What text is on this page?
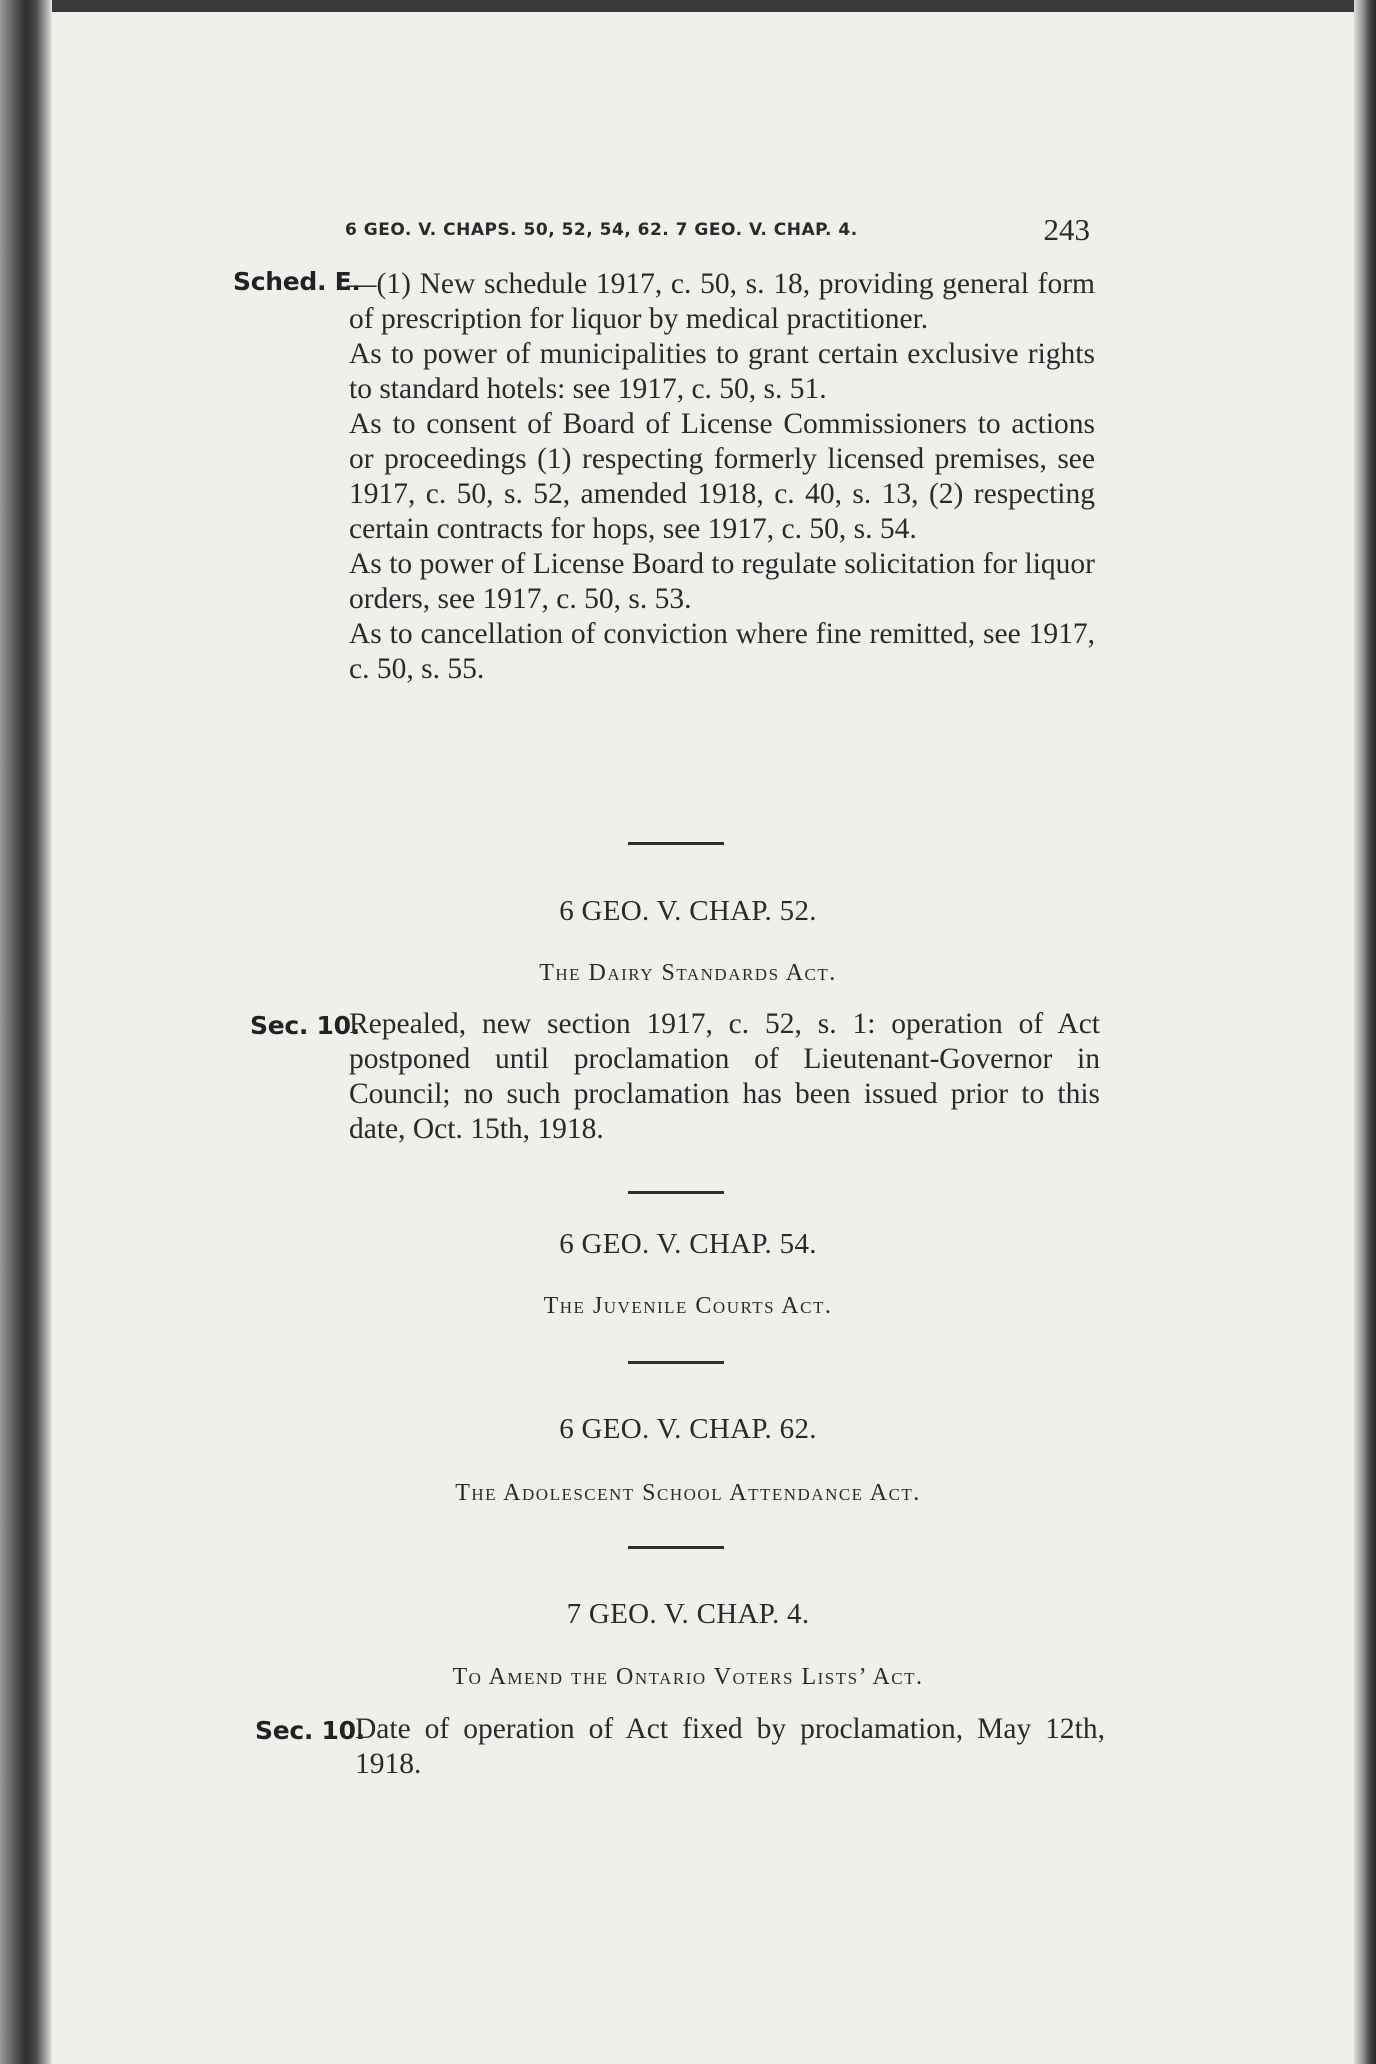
6 GEO. V. CHAPS. 50, 52, 54, 62. 7 GEO. V. CHAP. 4.	243
Sched. E.

—(1) New schedule 1917, c. 50, s. 18, providing general form of prescription for liquor by medical practitioner.

As to power of municipalities to grant certain exclusive rights to standard hotels: see 1917, c. 50, s. 51.

As to consent of Board of License Commissioners to actions or proceedings (1) respecting formerly licensed premises, see 1917, c. 50, s. 52, amended 1918, c. 40, s. 13, (2) respecting certain contracts for hops, see 1917, c. 50, s. 54.

As to power of License Board to regulate solicitation for liquor orders, see 1917, c. 50, s. 53.

As to cancellation of conviction where fine remitted, see 1917, c. 50, s. 55.

6 GEO. V. CHAP. 52.
The Dairy Standards Act.
Sec. 10.
Repealed, new section 1917, c. 52, s. 1: operation of Act postponed until proclamation of Lieutenant-Governor in Council; no such proclamation has been issued prior to this date, Oct. 15th, 1918.
6 GEO. V. CHAP. 54.
The Juvenile Courts Act.
6 GEO. V. CHAP. 62.
The Adolescent School Attendance Act.
7 GEO. V. CHAP. 4.
To Amend the Ontario Voters Lists’ Act.
Sec. 10.
Date of operation of Act fixed by proclamation, May 12th, 1918.
